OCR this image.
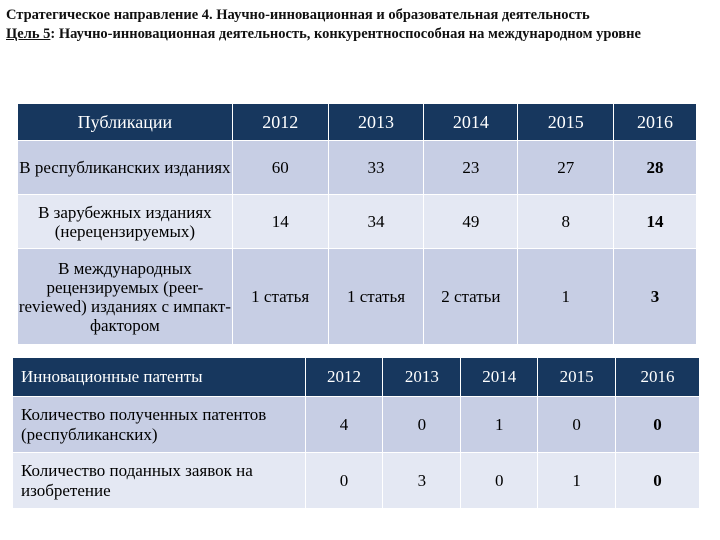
Стратегическое направление 4. Научно-инновационная и образовательная деятельность
Цель 5: Научно-инновационная деятельность, конкурентноспособная на международном уровне
Публикации	2012	2013	2014	2015	2016
В республиканских изданиях	60	33	23	27	28
В зарубежных изданиях (нерецензируемых)	14	34	49	8	14
В международных рецензируемых (peer-reviewed) изданиях с импакт-фактором	1 статья	1 статья	2 статьи	1	3
Инновационные патенты	2012	2013	2014	2015	2016
Количество полученных патентов (республиканских)	4	0	1	0	0
Количество поданных заявок на изобретение	0	3	0	1	0
